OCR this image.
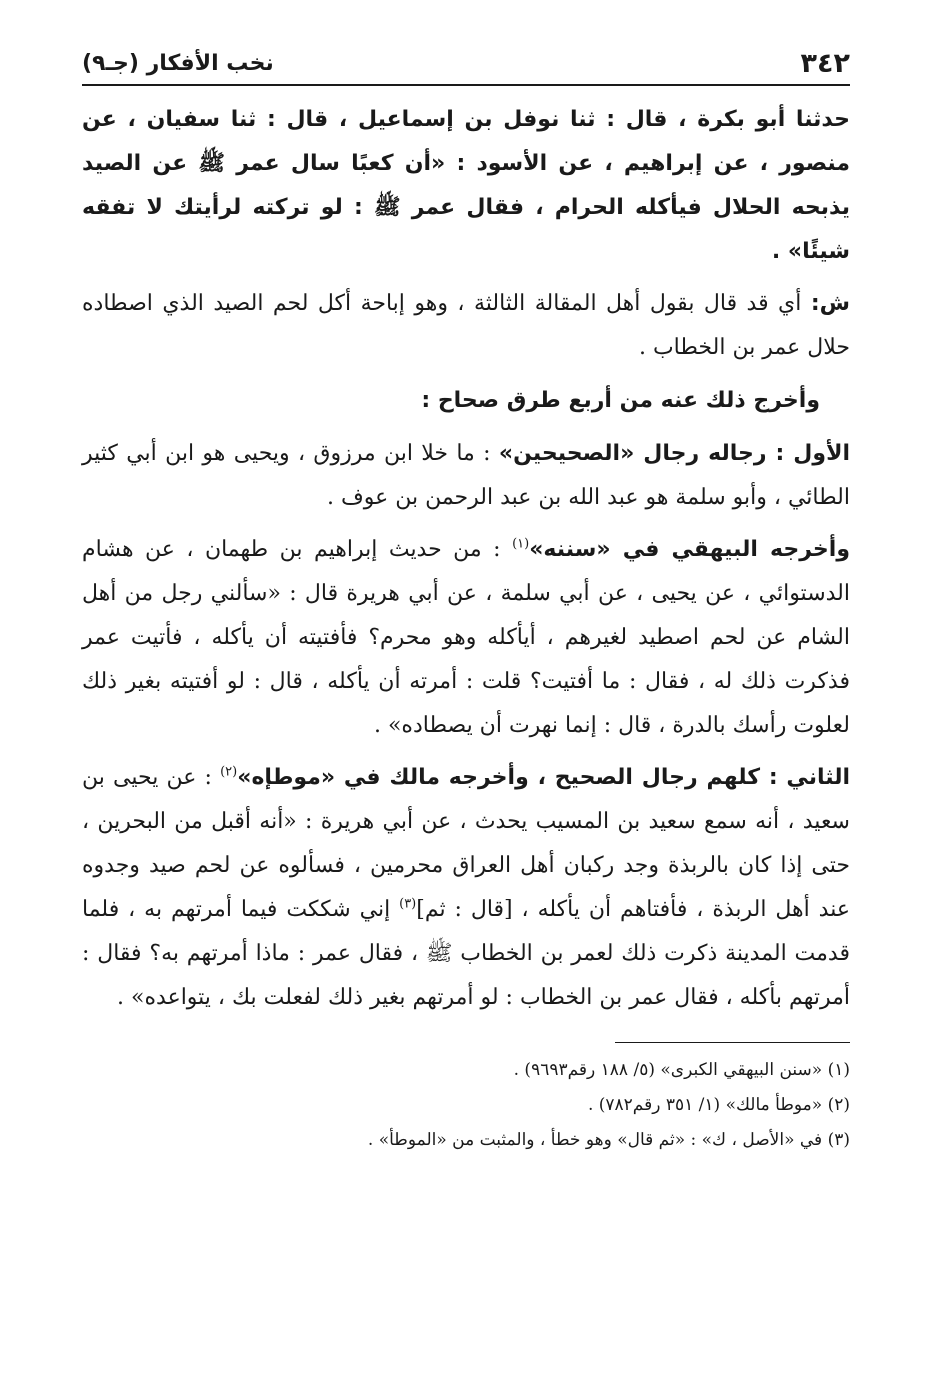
٣٤٢
نخب الأفكار (جـ٩)

حدثنا أبو بكرة ، قال : ثنا نوفل بن إسماعيل ، قال : ثنا سفيان ، عن منصور ، عن إبراهيم ، عن الأسود : «أن كعبًا سال عمر ﷺ عن الصيد يذبحه الحلال فيأكله الحرام ، فقال عمر ﷺ : لو تركته لرأيتك لا تفقه شيئًا» .

ش: أي قد قال بقول أهل المقالة الثالثة ، وهو إباحة أكل لحم الصيد الذي اصطاده حلال عمر بن الخطاب .

وأخرج ذلك عنه من أربع طرق صحاح :

الأول : رجاله رجال «الصحيحين» : ما خلا ابن مرزوق ، ويحيى هو ابن أبي كثير الطائي ، وأبو سلمة هو عبد الله بن عبد الرحمن بن عوف .

وأخرجه البيهقي في «سننه»$^{(١)}$ : من حديث إبراهيم بن طهمان ، عن هشام الدستوائي ، عن يحيى ، عن أبي سلمة ، عن أبي هريرة قال : «سألني رجل من أهل الشام عن لحم اصطيد لغيرهم ، أيأكله وهو محرم؟ فأفتيته أن يأكله ، فأتيت عمر فذكرت ذلك له ، فقال : ما أفتيت؟ قلت : أمرته أن يأكله ، قال : لو أفتيته بغير ذلك لعلوت رأسك بالدرة ، قال : إنما نهرت أن يصطاده» .

الثاني : كلهم رجال الصحيح ، وأخرجه مالك في «موطإه»$^{(٢)}$ : عن يحيى بن سعيد ، أنه سمع سعيد بن المسيب يحدث ، عن أبي هريرة : «أنه أقبل من البحرين ، حتى إذا كان بالربذة وجد ركبان أهل العراق محرمين ، فسألوه عن لحم صيد وجدوه عند أهل الربذة ، فأفتاهم أن يأكله ، [قال : ثم]$^{(٣)}$ إني شككت فيما أمرتهم به ، فلما قدمت المدينة ذكرت ذلك لعمر بن الخطاب ﷺ ، فقال عمر : ماذا أمرتهم به؟ فقال : أمرتهم بأكله ، فقال عمر بن الخطاب : لو أمرتهم بغير ذلك لفعلت بك ، يتواعده» .

(١) «سنن البيهقي الكبرى» (٥/ ١٨٨ رقم٩٦٩٣) .

(٢) «موطأ مالك» (١/ ٣٥١ رقم٧٨٢) .

(٣) في «الأصل ، ك» : «ثم قال» وهو خطأ ، والمثبت من «الموطأ» .
